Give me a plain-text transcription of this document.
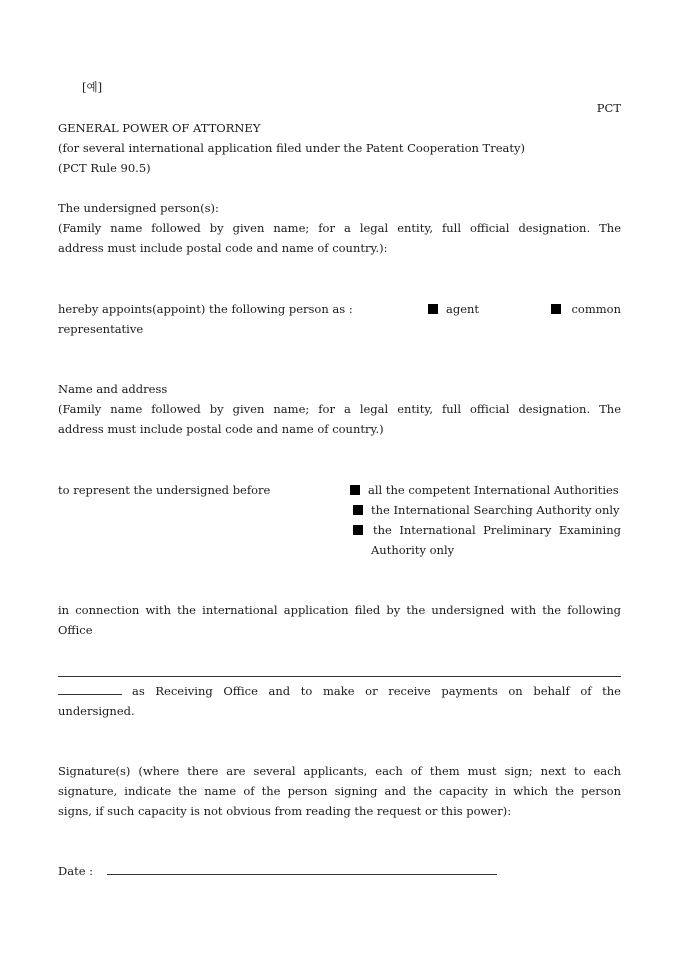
[예]
PCT
GENERAL POWER OF ATTORNEY
(for several international application filed under the Patent Cooperation Treaty)
(PCT Rule 90.5)
The undersigned person(s):
(Family name followed by given name; for a legal entity, full official designation. The
address must include postal code and name of country.):
hereby appoints(appoint) the following person as :	agent	common
representative
Name and address
(Family name followed by given name; for a legal entity, full official designation. The
address must include postal code and name of country.)
to represent the undersigned before	all the competent International Authorities
the International Searching Authority only
the International Preliminary Examining
Authority only
in connection with the international application filed by the undersigned with the following
Office
as Receiving Office and to make or receive payments on behalf of the
undersigned.
Signature(s) (where there are several applicants, each of them must sign; next to each
signature, indicate the name of the person signing and the capacity in which the person
signs, if such capacity is not obvious from reading the request or this power):
Date :
